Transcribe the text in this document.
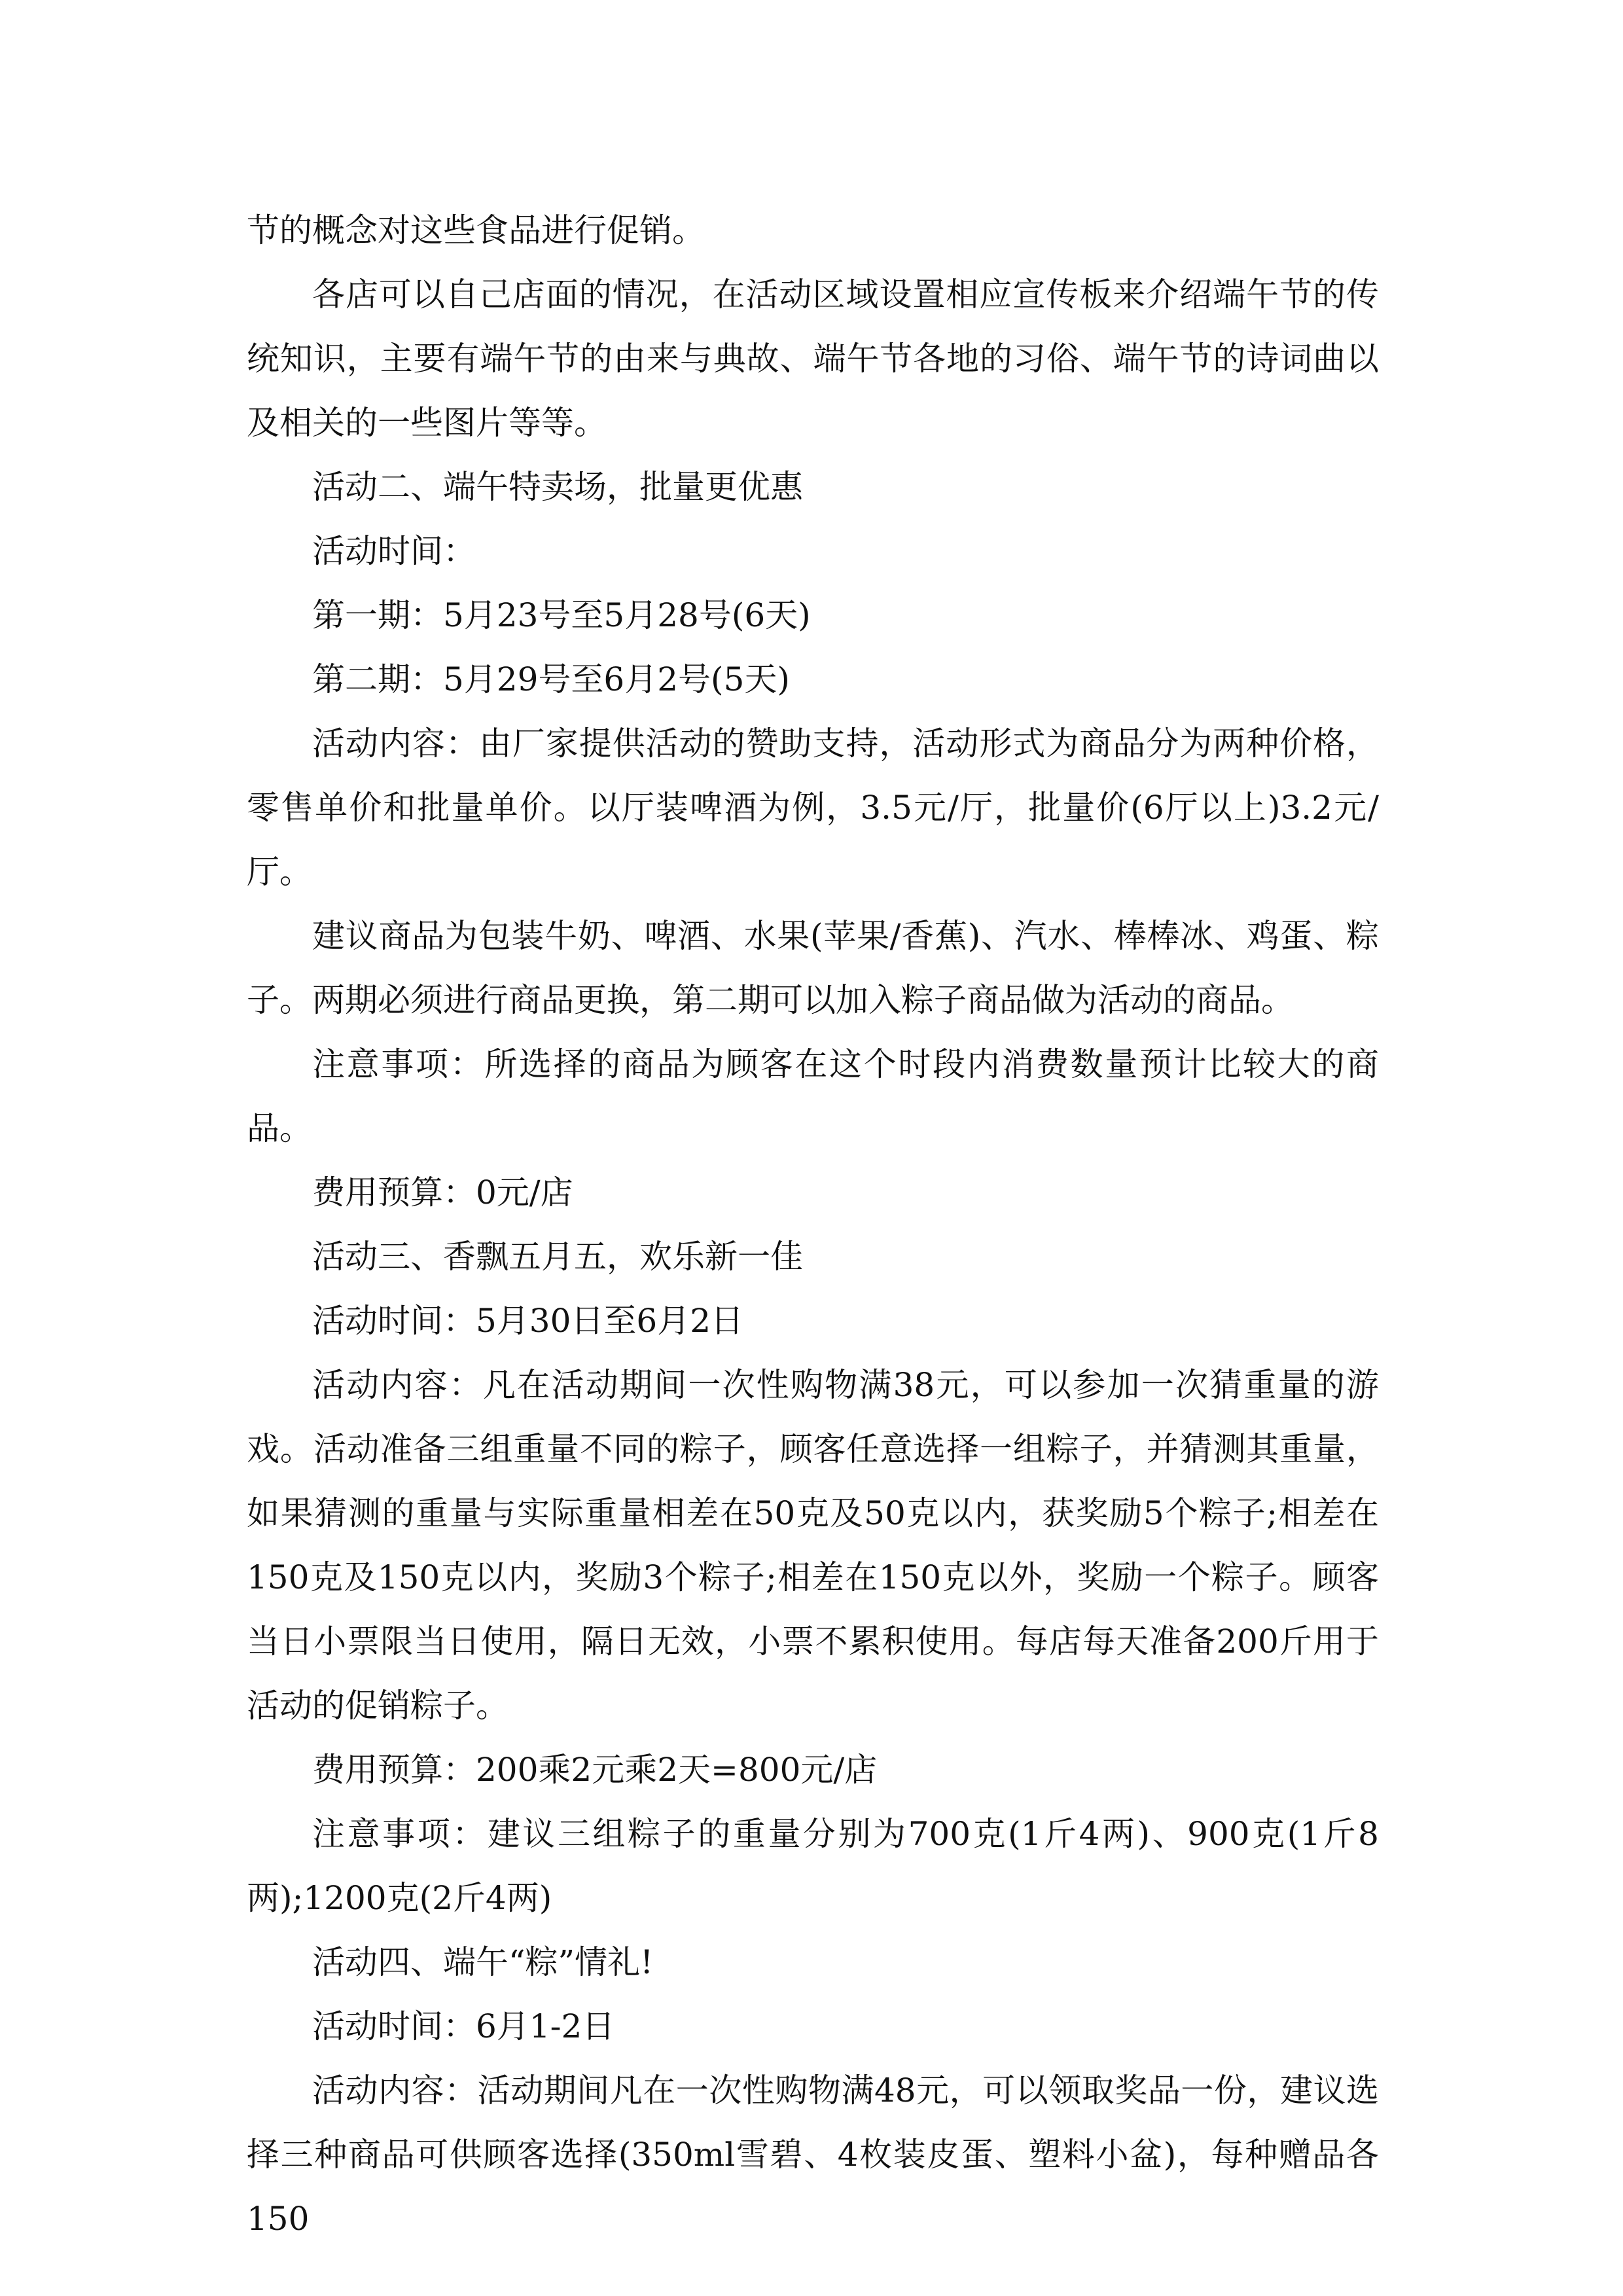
节的概念对这些食品进行促销。

各店可以自己店面的情况，在活动区域设置相应宣传板来介绍端午节的传统知识，主要有端午节的由来与典故、端午节各地的习俗、端午节的诗词曲以及相关的一些图片等等。

活动二、端午特卖场，批量更优惠

活动时间：

第一期：5月23号至5月28号(6天)

第二期：5月29号至6月2号(5天)

活动内容：由厂家提供活动的赞助支持，活动形式为商品分为两种价格，零售单价和批量单价。以厅装啤酒为例，3.5元/厅，批量价(6厅以上)3.2元/厅。

建议商品为包装牛奶、啤酒、水果(苹果/香蕉)、汽水、棒棒冰、鸡蛋、粽子。两期必须进行商品更换，第二期可以加入粽子商品做为活动的商品。

注意事项：所选择的商品为顾客在这个时段内消费数量预计比较大的商品。

费用预算：0元/店

活动三、香飘五月五，欢乐新一佳

活动时间：5月30日至6月2日

活动内容：凡在活动期间一次性购物满38元，可以参加一次猜重量的游戏。活动准备三组重量不同的粽子，顾客任意选择一组粽子，并猜测其重量，如果猜测的重量与实际重量相差在50克及50克以内，获奖励5个粽子;相差在150克及150克以内，奖励3个粽子;相差在150克以外，奖励一个粽子。顾客当日小票限当日使用，隔日无效，小票不累积使用。每店每天准备200斤用于活动的促销粽子。

费用预算：200乘2元乘2天=800元/店

注意事项：建议三组粽子的重量分别为700克(1斤4两)、900克(1斤8两);1200克(2斤4两)

活动四、端午“粽”情礼!

活动时间：6月1-2日

活动内容：活动期间凡在一次性购物满48元，可以领取奖品一份，建议选择三种商品可供顾客选择(350ml雪碧、4枚装皮蛋、塑料小盆)，每种赠品各150
